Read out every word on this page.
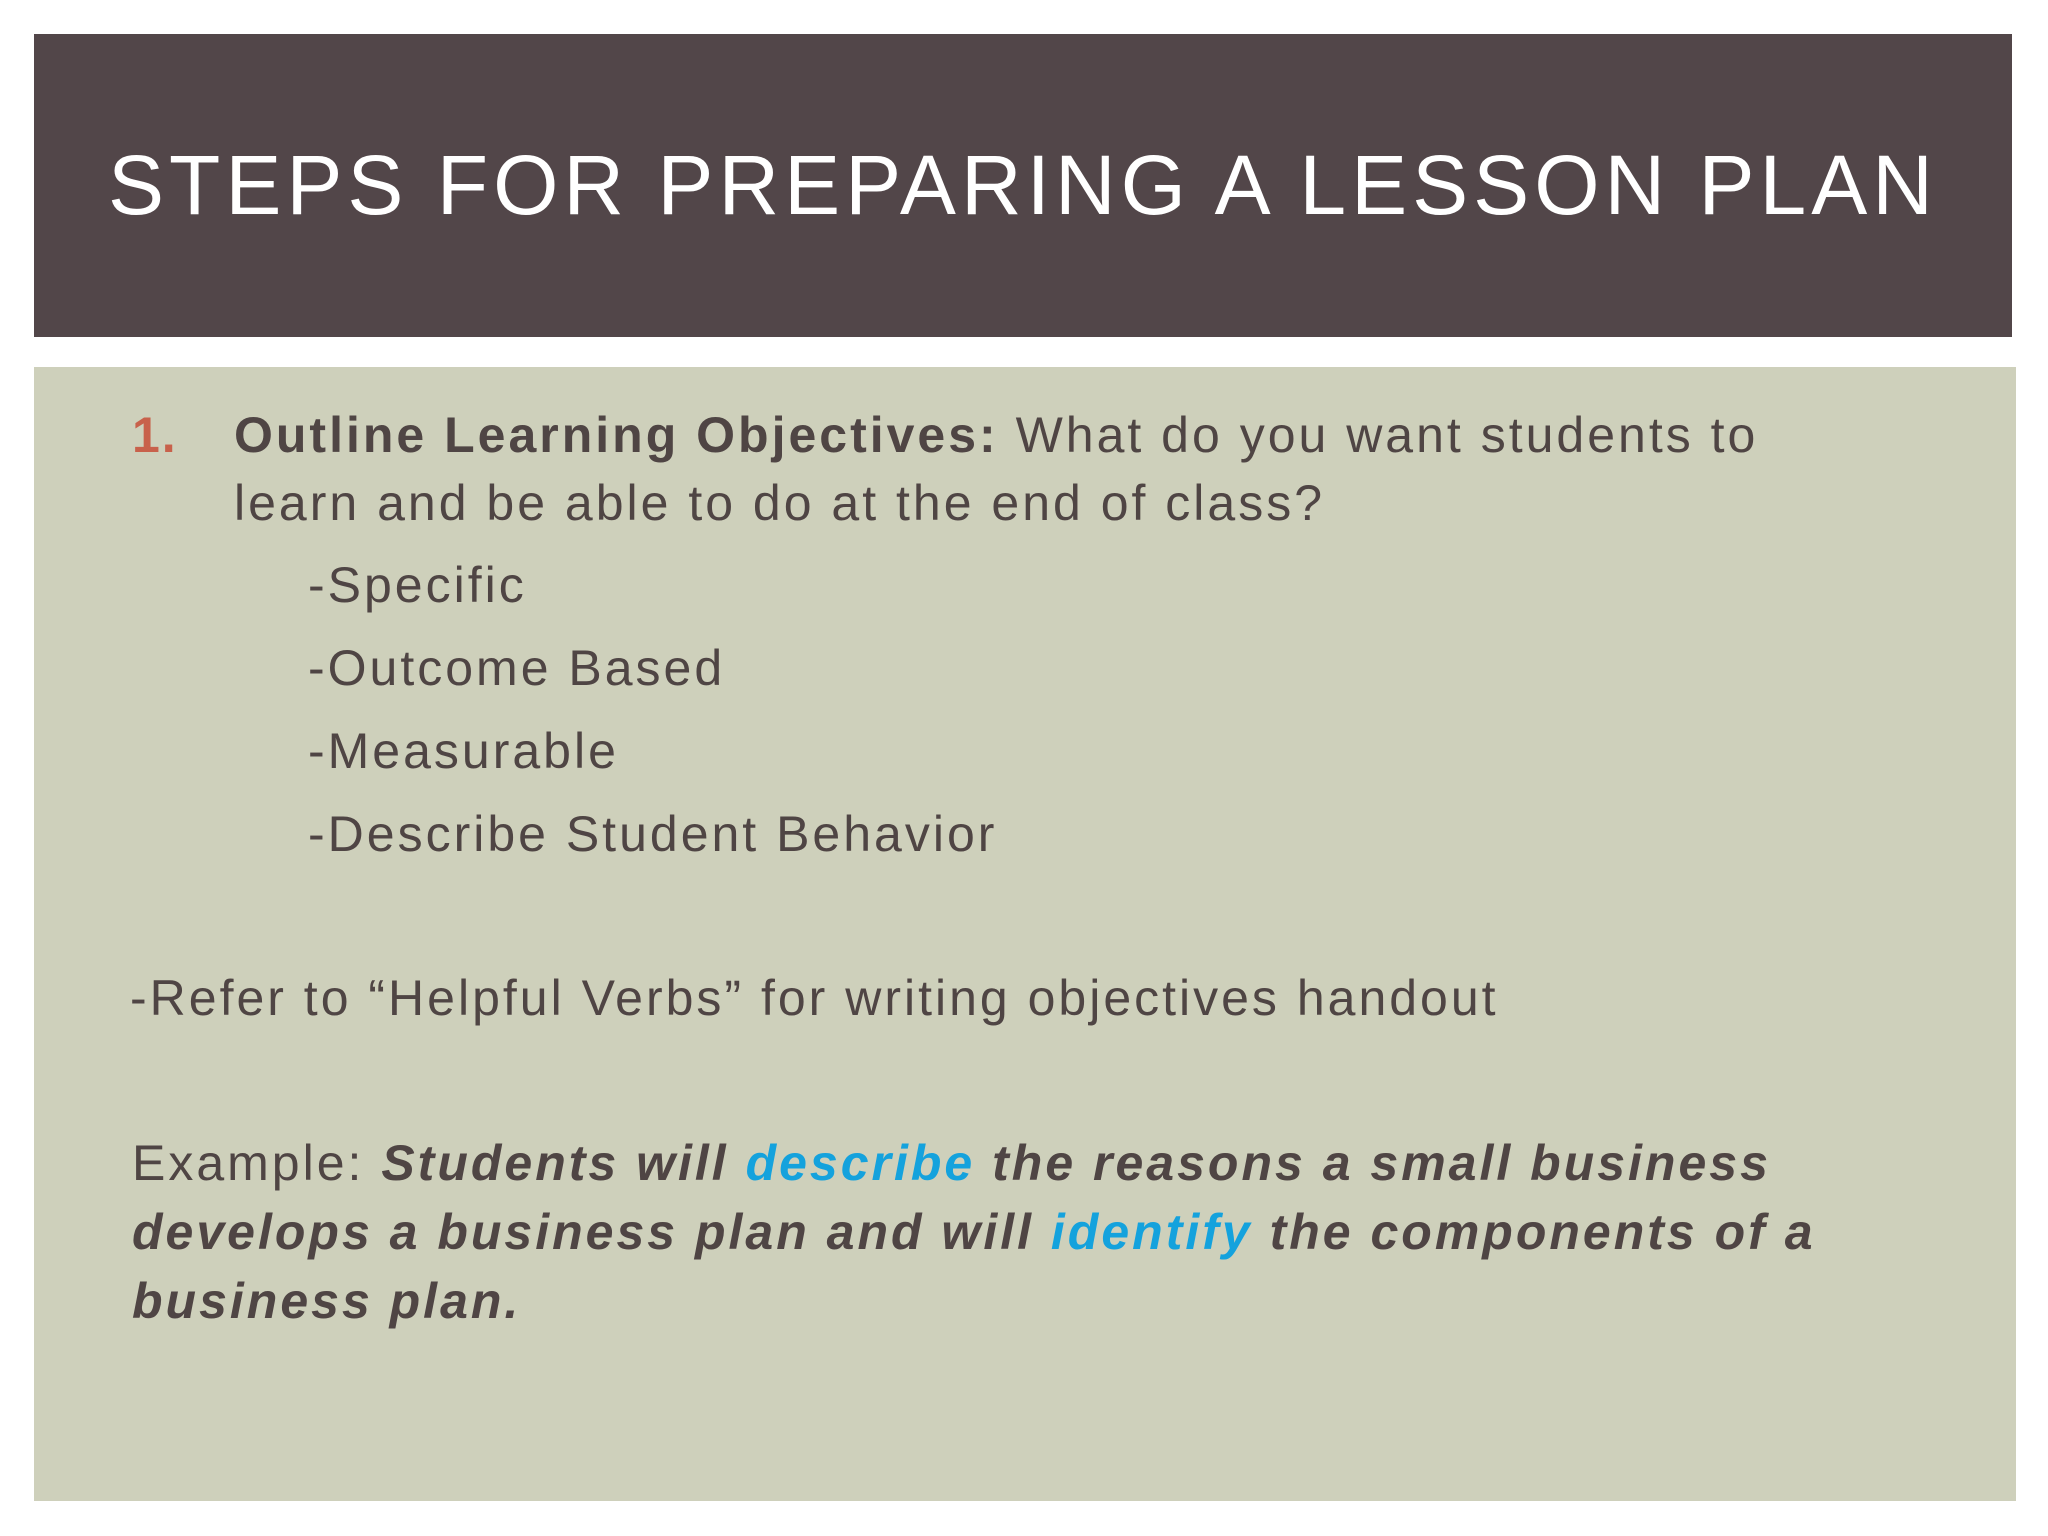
STEPS FOR PREPARING A LESSON PLAN
1. Outline Learning Objectives: What do you want students to
learn and be able to do at the end of class?
-Specific
-Outcome Based
-Measurable
-Describe Student Behavior
-Refer to “Helpful Verbs” for writing objectives handout
Example: Students will describe the reasons a small business
develops a business plan and will identify the components of a
business plan.
